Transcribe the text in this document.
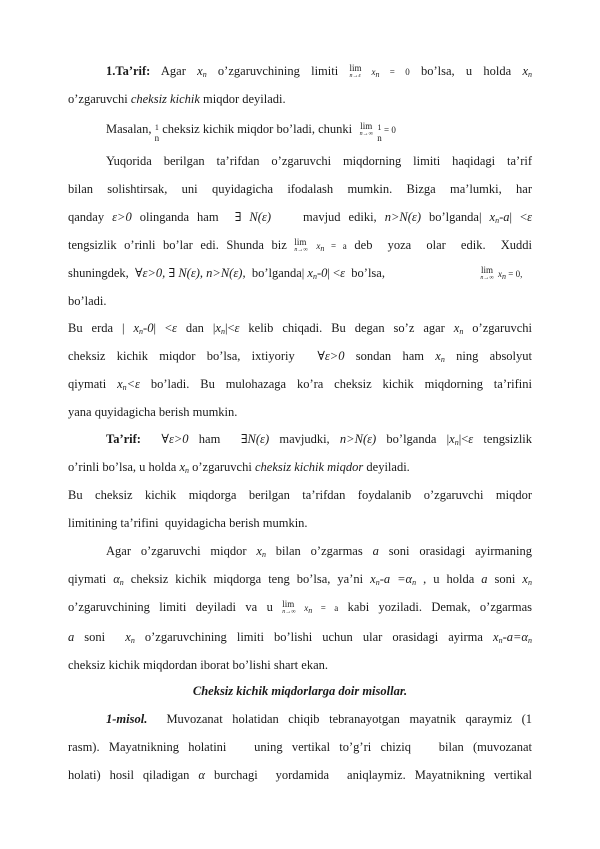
1.Ta’rif: Agar $x_n$ o’zgaruvchining limiti lim
n→ε	$x_n = 0$ bo’lsa, u holda $x_n$
o’zgaruvchi cheksiz kichik miqdor deyiladi.
Masalan, 1
n
cheksiz kichik miqdor bo’ladi, chunki lim
n→∞
1
n
= 0
Yuqorida berilgan ta’rifdan o’zgaruvchi miqdorning limiti haqidagi ta’rif
bilan solishtirsak, uni quyidagicha ifodalash mumkin. Bizga ma’lumki, har
qanday ε>0 olinganda ham  ∃ N(ε)    mavjud ediki, n>N(ε) bo’lganda| $x_n-a| <\varepsilon$
tengsizlik o’rinli bo’lar edi. Shunda biz lim
n→∞ $x_n = a$ deb  yoza  olar  edik.  Xuddi
shuningdek,  ∀ε>0, ∃ N(ε), n>N(ε),  bo’lganda| $x_n-0| <\varepsilon$  bo’lsa,	lim
n→∞ $x_n = 0$,
bo’ladi.
Bu erda | $x_n-0| <\varepsilon$ dan $|x_n|<\varepsilon$ kelib chiqadi. Bu degan so’z agar $x_n$ o’zgaruvchi
cheksiz kichik miqdor bo’lsa, ixtiyoriy  ∀ε>0 sondan ham $x_n$ ning absolyut
qiymati $x_n<\varepsilon$ bo’ladi. Bu mulohazaga ko’ra cheksiz kichik miqdorning ta’rifini
yana quyidagicha berish mumkin.
Ta’rif: ∀ε>0 ham  ∃N(ε) mavjudki, n>N(ε) bo’lganda $|x_n|<\varepsilon$ tengsizlik
o’rinli bo’lsa, u holda $x_n$ o’zgaruvchi cheksiz kichik miqdor deyiladi.
Bu cheksiz kichik miqdorga berilgan ta’rifdan foydalanib o’zgaruvchi miqdor
limitining ta’rifini  quyidagicha berish mumkin.
Agar o’zgaruvchi miqdor $x_n$ bilan o’zgarmas a soni orasidagi ayirmaning
qiymati $\alpha_n$ cheksiz kichik miqdorga teng bo’lsa, ya’ni $x_n-a =\alpha_n$ , u holda a soni $x_n$
o’zgaruvchining limiti deyiladi va u lim
n→∞ $x_n = a$ kabi yoziladi. Demak, o’zgarmas
a soni  $x_n$ o’zgaruvchining limiti bo’lishi uchun ular orasidagi ayirma $x_n-a=\alpha_n$
cheksiz kichik miqdordan iborat bo’lishi shart ekan.
Cheksiz kichik miqdorlarga doir misollar.
1-misol.  Muvozanat holatidan chiqib tebranayotgan mayatnik qaraymiz (1
rasm). Mayatnikning holatini   uning vertikal to’g’ri chiziq   bilan (muvozanat
holati) hosil qiladigan α burchagi  yordamida  aniqlaymiz. Mayatnikning vertikal
